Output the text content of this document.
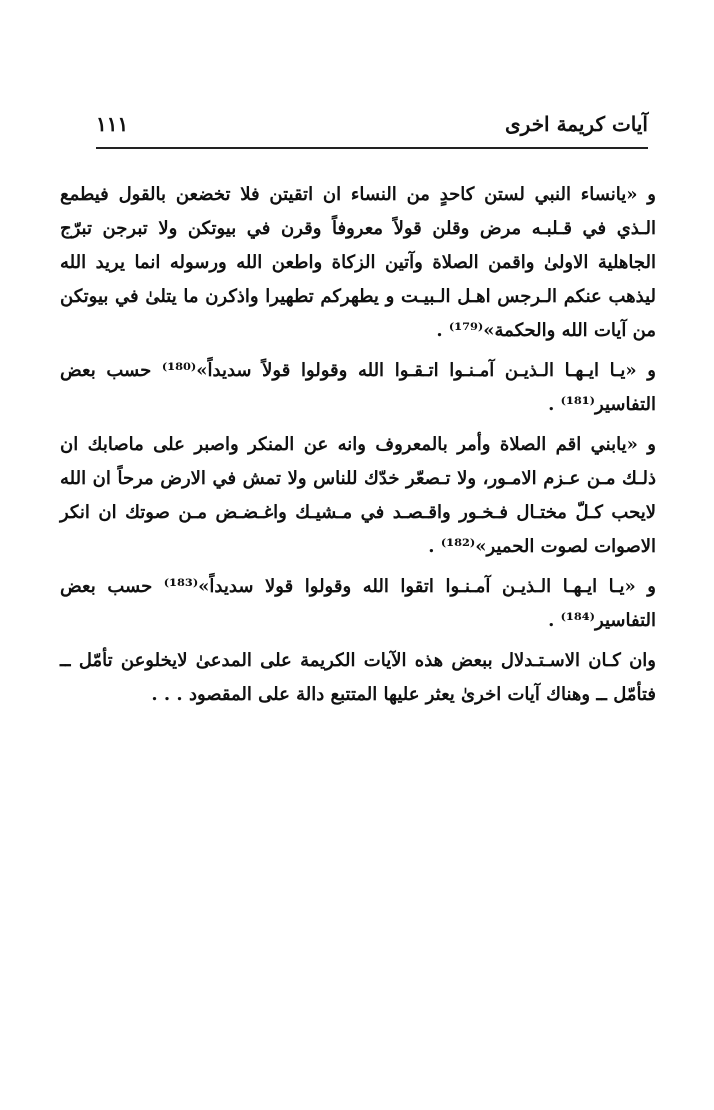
آيات كريمة اخرى
١١١

و «يانساء النبي لستن كاحدٍ من النساء ان اتقيتن فلا تخضعن بالقول فيطمع الـذي في قـلبـه مرض وقلن قولاً معروفاً وقرن في بيوتكن ولا تبرجن تبرّج الجاهلية الاولىٰ واقمن الصلاة وآتين الزكاة واطعن الله ورسوله انما يريد الله ليذهب عنكم الـرجس اهـل الـبيـت و يطهركم تطهيرا واذكرن ما يتلىٰ في بيوتكن من آيات الله والحكمة»⁽¹⁷⁹⁾ .

و «يـا ايـهـا الـذيـن آمـنـوا اتـقـوا الله وقولوا قولاً سديداً»⁽¹⁸⁰⁾ حسب بعض التفاسير⁽¹⁸¹⁾ .

و «يابني اقم الصلاة وأمر بالمعروف وانه عن المنكر واصبر على ماصابك ان ذلـك مـن عـزم الامـور، ولا تـصعّر خدّك للناس ولا تمش في الارض مرحاً ان الله لايحب كـلّ مختـال فـخـور واقـصـد في مـشيـك واغـضـض مـن صوتك ان انكر الاصوات لصوت الحمير»⁽¹⁸²⁾ .

و «يـا ايـهـا الـذيـن آمـنـوا اتقوا الله وقولوا قولا سديداً»⁽¹⁸³⁾ حسب بعض التفاسير⁽¹⁸⁴⁾ .

وان كـان الاسـتـدلال ببعض هذه الآيات الكريمة على المدعىٰ لايخلوعن تأمّل ــ فتأمّل ــ وهناك آيات اخرىٰ يعثر عليها المتتبع دالة على المقصود . . .
